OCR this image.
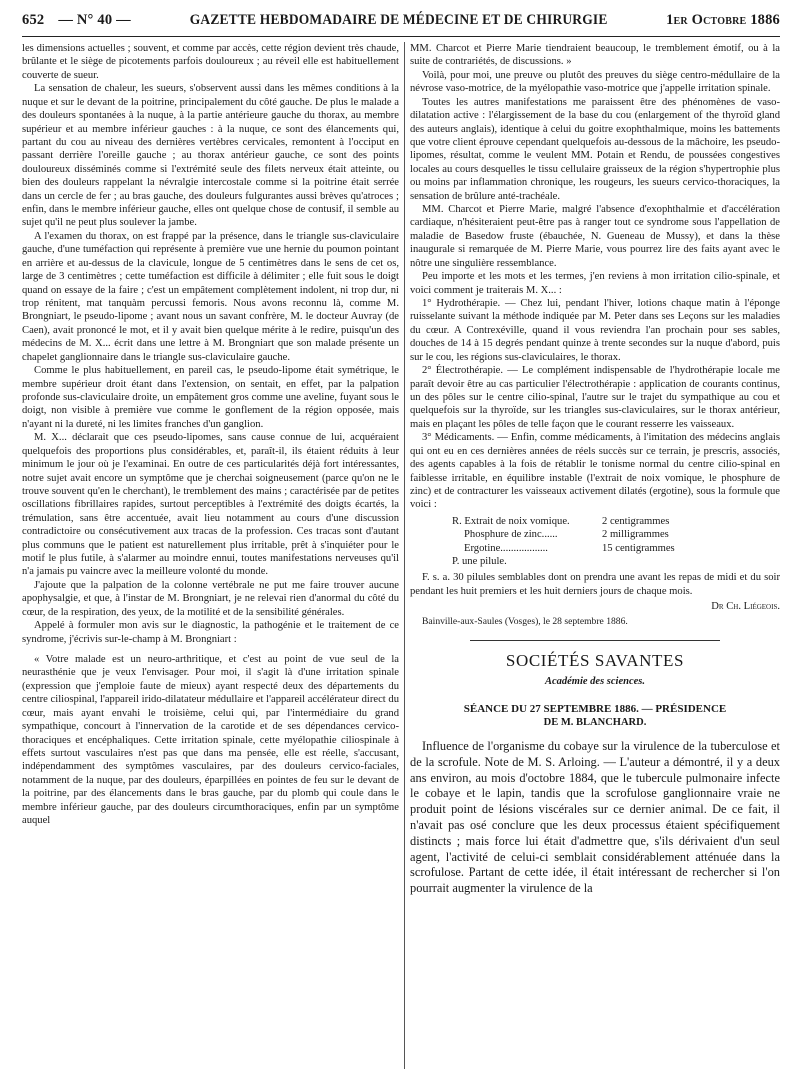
652 — N° 40 —	GAZETTE HEBDOMADAIRE DE MÉDECINE ET DE CHIRURGIE	1er Octobre 1886

les dimensions actuelles ; souvent, et comme par accès, cette région devient très chaude, brûlante et le siège de picotements parfois douloureux ; au réveil elle est habituellement couverte de sueur.

La sensation de chaleur, les sueurs, s'observent aussi dans les mêmes conditions à la nuque et sur le devant de la poitrine, principalement du côté gauche. De plus le malade a des douleurs spontanées à la nuque, à la partie antérieure gauche du thorax, au membre supérieur et au membre inférieur gauches : à la nuque, ce sont des élancements qui, partant du cou au niveau des dernières vertèbres cervicales, remontent à l'occiput en passant derrière l'oreille gauche ; au thorax antérieur gauche, ce sont des points douloureux disséminés comme si l'extrémité seule des filets nerveux était atteinte, ou bien des douleurs rappelant la névralgie intercostale comme si la poitrine était serrée dans un cercle de fer ; au bras gauche, des douleurs fulgurantes aussi brèves qu'atroces ; enfin, dans le membre inférieur gauche, elles ont quelque chose de contusif, il semble au sujet qu'il ne peut plus soulever la jambe.

A l'examen du thorax, on est frappé par la présence, dans le triangle sus-claviculaire gauche, d'une tuméfaction qui représente à première vue une hernie du poumon pointant en arrière et au-dessus de la clavicule, longue de 5 centimètres dans le sens de cet os, large de 3 centimètres ; cette tuméfaction est difficile à délimiter ; elle fuit sous le doigt quand on essaye de la faire ; c'est un empâtement complètement indolent, ni trop dur, ni trop rénitent, mat tanquàm percussi femoris. Nous avons reconnu là, comme M. Brongniart, le pseudo-lipome ; avant nous un savant confrère, M. le docteur Auvray (de Caen), avait prononcé le mot, et il y avait bien quelque mérite à le redire, puisqu'un des médecins de M. X... écrit dans une lettre à M. Brongniart que son malade présente un chapelet ganglionnaire dans le triangle sus-claviculaire gauche.

Comme le plus habituellement, en pareil cas, le pseudo-lipome était symétrique, le membre supérieur droit étant dans l'extension, on sentait, en effet, par la palpation profonde sus-claviculaire droite, un empâtement gros comme une aveline, fuyant sous le doigt, non visible à première vue comme le gonflement de la région opposée, mais n'ayant ni la dureté, ni les limites franches d'un ganglion.

M. X... déclarait que ces pseudo-lipomes, sans cause connue de lui, acquéraient quelquefois des proportions plus considérables, et, paraît-il, ils étaient réduits à leur minimum le jour où je l'examinai. En outre de ces particularités déjà fort intéressantes, notre sujet avait encore un symptôme que je cherchai soigneusement (parce qu'on ne le trouve souvent qu'en le cherchant), le tremblement des mains ; caractérisée par de petites oscillations fibrillaires rapides, surtout perceptibles à l'extrémité des doigts écartés, la trémulation, sans être accentuée, avait lieu notamment au cours d'une discussion contradictoire ou consécutivement aux tracas de la profession. Ces tracas sont d'autant plus communs que le patient est naturellement plus irritable, prêt à s'inquiéter pour le motif le plus futile, à s'alarmer au moindre ennui, toutes manifestations nerveuses qu'il n'a jamais pu vaincre avec la meilleure volonté du monde.

J'ajoute que la palpation de la colonne vertébrale ne put me faire trouver aucune apophysalgie, et que, à l'instar de M. Brongniart, je ne relevai rien d'anormal du côté du cœur, de la respiration, des yeux, de la motilité et de la sensibilité générales.

Appelé à formuler mon avis sur le diagnostic, la pathogénie et le traitement de ce syndrome, j'écrivis sur-le-champ à M. Brongniart :

« Votre malade est un neuro-arthritique, et c'est au point de vue seul de la neurasthénie que je veux l'envisager. Pour moi, il s'agit là d'une irritation spinale (expression que j'emploie faute de mieux) ayant respecté deux des départements du centre ciliospinal, l'appareil irido-dilatateur médullaire et l'appareil accélérateur direct du cœur, mais ayant envahi le troisième, celui qui, par l'intermédiaire du grand sympathique, concourt à l'innervation de la carotide et de ses dépendances cervico-thoraciques et encéphaliques. Cette irritation spinale, cette myélopathie ciliospinale à effets surtout vasculaires n'est pas que dans ma pensée, elle est réelle, s'accusant, indépendamment des symptômes vasculaires, par des douleurs cervico-faciales, notamment de la nuque, par des douleurs, éparpillées en pointes de feu sur le devant de la poitrine, par des élancements dans le bras gauche, par du plomb qui coule dans le membre inférieur gauche, par des douleurs circumthoraciques, enfin par un symptôme auquel

MM. Charcot et Pierre Marie tiendraient beaucoup, le tremblement émotif, ou à la suite de contrariétés, de discussions. »

Voilà, pour moi, une preuve ou plutôt des preuves du siège centro-médullaire de la névrose vaso-motrice, de la myélopathie vaso-motrice que j'appelle irritation spinale.

Toutes les autres manifestations me paraissent être des phénomènes de vaso-dilatation active : l'élargissement de la base du cou (enlargement of the thyroïd gland des auteurs anglais), identique à celui du goitre exophthalmique, moins les battements que votre client éprouve cependant quelquefois au-dessous de la mâchoire, les pseudo-lipomes, résultat, comme le veulent MM. Potain et Rendu, de poussées congestives locales au cours desquelles le tissu cellulaire graisseux de la région s'hypertrophie plus ou moins par inflammation chronique, les rougeurs, les sueurs cervico-thoraciques, la sensation de brûlure anté-trachéale.

MM. Charcot et Pierre Marie, malgré l'absence d'exophthalmie et d'accélération cardiaque, n'hésiteraient peut-être pas à ranger tout ce syndrome sous l'appellation de maladie de Basedow fruste (ébauchée, N. Gueneau de Mussy), et dans la thèse inaugurale si remarquée de M. Pierre Marie, vous pourrez lire des faits ayant avec le nôtre une singulière ressemblance.

Peu importe et les mots et les termes, j'en reviens à mon irritation cilio-spinale, et voici comment je traiterais M. X... :

1° Hydrothérapie. — Chez lui, pendant l'hiver, lotions chaque matin à l'éponge ruisselante suivant la méthode indiquée par M. Peter dans ses Leçons sur les maladies du cœur. A Contrexéville, quand il vous reviendra l'an prochain pour ses sables, douches de 14 à 15 degrés pendant quinze à trente secondes sur la nuque d'abord, puis sur le cou, les régions sus-claviculaires, le thorax.

2° Électrothérapie. — Le complément indispensable de l'hydrothérapie locale me paraît devoir être au cas particulier l'électrothérapie : application de courants continus, un des pôles sur le centre cilio-spinal, l'autre sur le trajet du sympathique au cou et quelquefois sur la thyroïde, sur les triangles sus-claviculaires, sur le thorax antérieur, mais en plaçant les pôles de telle façon que le courant resserre les vaisseaux.

3° Médicaments. — Enfin, comme médicaments, à l'imitation des médecins anglais qui ont eu en ces dernières années de réels succès sur ce terrain, je prescris, associés, des agents capables à la fois de rétablir le tonisme normal du centre cilio-spinal en faiblesse irritable, en équilibre instable (l'extrait de noix vomique, le phosphure de zinc) et de contracturer les vaisseaux activement dilatés (ergotine), sous la formule que voici :

R. Extrait de noix vomique.	2 centigrammes
Phosphure de zinc......	2 milligrammes
Ergotine..................	15 centigrammes
P. une pilule.

F. s. a. 30 pilules semblables dont on prendra une avant les repas de midi et du soir pendant les huit premiers et les huit derniers jours de chaque mois.

Dr Ch. Liégeois.
Bainville-aux-Saules (Vosges), le 28 septembre 1886.
SOCIÉTÉS SAVANTES
Académie des sciences.
SÉANCE DU 27 SEPTEMBRE 1886. — PRÉSIDENCE
DE M. BLANCHARD.

Influence de l'organisme du cobaye sur la virulence de la tuberculose et de la scrofule. Note de M. S. Arloing. — L'auteur a démontré, il y a deux ans environ, au mois d'octobre 1884, que le tubercule pulmonaire infecte le cobaye et le lapin, tandis que la scrofulose ganglionnaire vraie ne produit point de lésions viscérales sur ce dernier animal. De ce fait, il n'avait pas osé conclure que les deux processus étaient spécifiquement distincts ; mais force lui était d'admettre que, s'ils dérivaient d'un seul agent, l'activité de celui-ci semblait considérablement atténuée dans la scrofulose. Partant de cette idée, il était intéressant de rechercher si l'on pourrait augmenter la virulence de la
